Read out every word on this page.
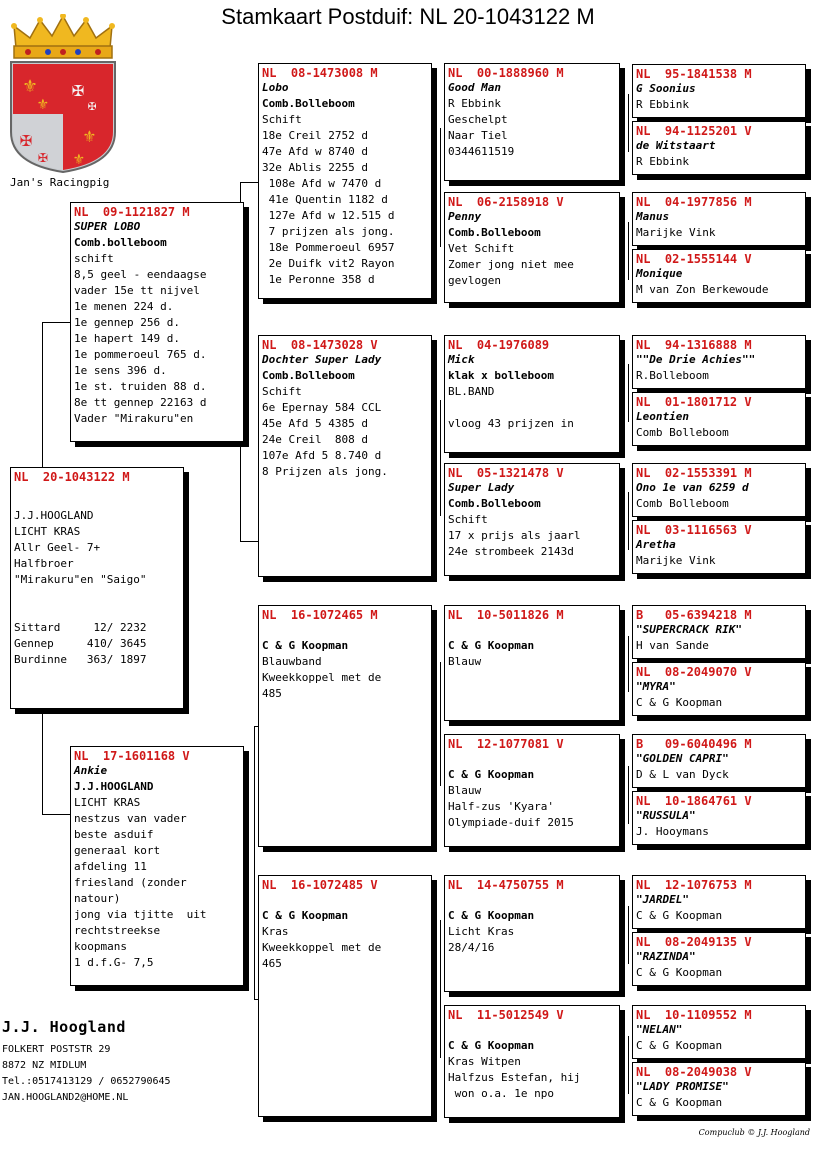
Stamkaart Postduif: NL 20-1043122 M
⚜
⚜
⚜
⚜
✠
✠
✠
✠
Jan's Racingpig
NL  20-1043122 M
J.J.HOOGLAND
LICHT KRAS
Allr Geel- 7+
Halfbroer
"Mirakuru"en "Saigo"
Sittard     12/ 2232
Gennep     410/ 3645
Burdinne   363/ 1897
NL  09-1121827 M
SUPER LOBO
Comb.bolleboom
schift
8,5 geel - eendaagse
vader 15e tt nijvel
1e menen 224 d.
1e gennep 256 d.
1e hapert 149 d.
1e pommeroeul 765 d.
1e sens 396 d.
1e st. truiden 88 d.
8e tt gennep 22163 d
Vader "Mirakuru"en
NL  17-1601168 V
Ankie
J.J.HOOGLAND
LICHT KRAS
nestzus van vader
beste asduif
generaal kort
afdeling 11
friesland (zonder
natour)
jong via tjitte  uit
rechtstreekse
koopmans
1 d.f.G- 7,5
NL  08-1473008 M
Lobo
Comb.Bolleboom
Schift
18e Creil 2752 d
47e Afd w 8740 d
32e Ablis 2255 d
108e Afd w 7470 d
41e Quentin 1182 d
127e Afd w 12.515 d
7 prijzen als jong.
18e Pommeroeul 6957
2e Duifk vit2 Rayon
1e Peronne 358 d
NL  08-1473028 V
Dochter Super Lady
Comb.Bolleboom
Schift
6e Epernay 584 CCL
45e Afd 5 4385 d
24e Creil  808 d
107e Afd 5 8.740 d
8 Prijzen als jong.
NL  16-1072465 M
C & G Koopman
Blauwband
Kweekkoppel met de
485
NL  16-1072485 V
C & G Koopman
Kras
Kweekkoppel met de
465
NL  00-1888960 M
Good Man
R Ebbink
Geschelpt
Naar Tiel
0344611519
NL  06-2158918 V
Penny
Comb.Bolleboom
Vet Schift
Zomer jong niet mee
gevlogen
NL  04-1976089
Mick
klak x bolleboom
BL.BAND
vloog 43 prijzen in
NL  05-1321478 V
Super Lady
Comb.Bolleboom
Schift
17 x prijs als jaarl
24e strombeek 2143d
NL  10-5011826 M
C & G Koopman
Blauw
NL  12-1077081 V
C & G Koopman
Blauw
Half-zus 'Kyara'
Olympiade-duif 2015
NL  14-4750755 M
C & G Koopman
Licht Kras
28/4/16
NL  11-5012549 V
C & G Koopman
Kras Witpen
Halfzus Estefan, hij
won o.a. 1e npo
NL  95-1841538 M
G Soonius
R Ebbink
NL  94-1125201 V
de Witstaart
R Ebbink
NL  04-1977856 M
Manus
Marijke Vink
NL  02-1555144 V
Monique
M van Zon Berkewoude
NL  94-1316888 M
""De Drie Achies""
R.Bolleboom
NL  01-1801712 V
Leontien
Comb Bolleboom
NL  02-1553391 M
Ono 1e van 6259 d
Comb Bolleboom
NL  03-1116563 V
Aretha
Marijke Vink
B   05-6394218 M
"SUPERCRACK RIK"
H van Sande
NL  08-2049070 V
"MYRA"
C & G Koopman
B   09-6040496 M
"GOLDEN CAPRI"
D & L van Dyck
NL  10-1864761 V
"RUSSULA"
J. Hooymans
NL  12-1076753 M
"JARDEL"
C & G Koopman
NL  08-2049135 V
"RAZINDA"
C & G Koopman
NL  10-1109552 M
"NELAN"
C & G Koopman
NL  08-2049038 V
"LADY PROMISE"
C & G Koopman
J.J. Hoogland
FOLKERT POSTSTR 29
8872 NZ MIDLUM
Tel.:0517413129 / 0652790645
JAN.HOOGLAND2@HOME.NL
Compuclub © J.J. Hoogland
